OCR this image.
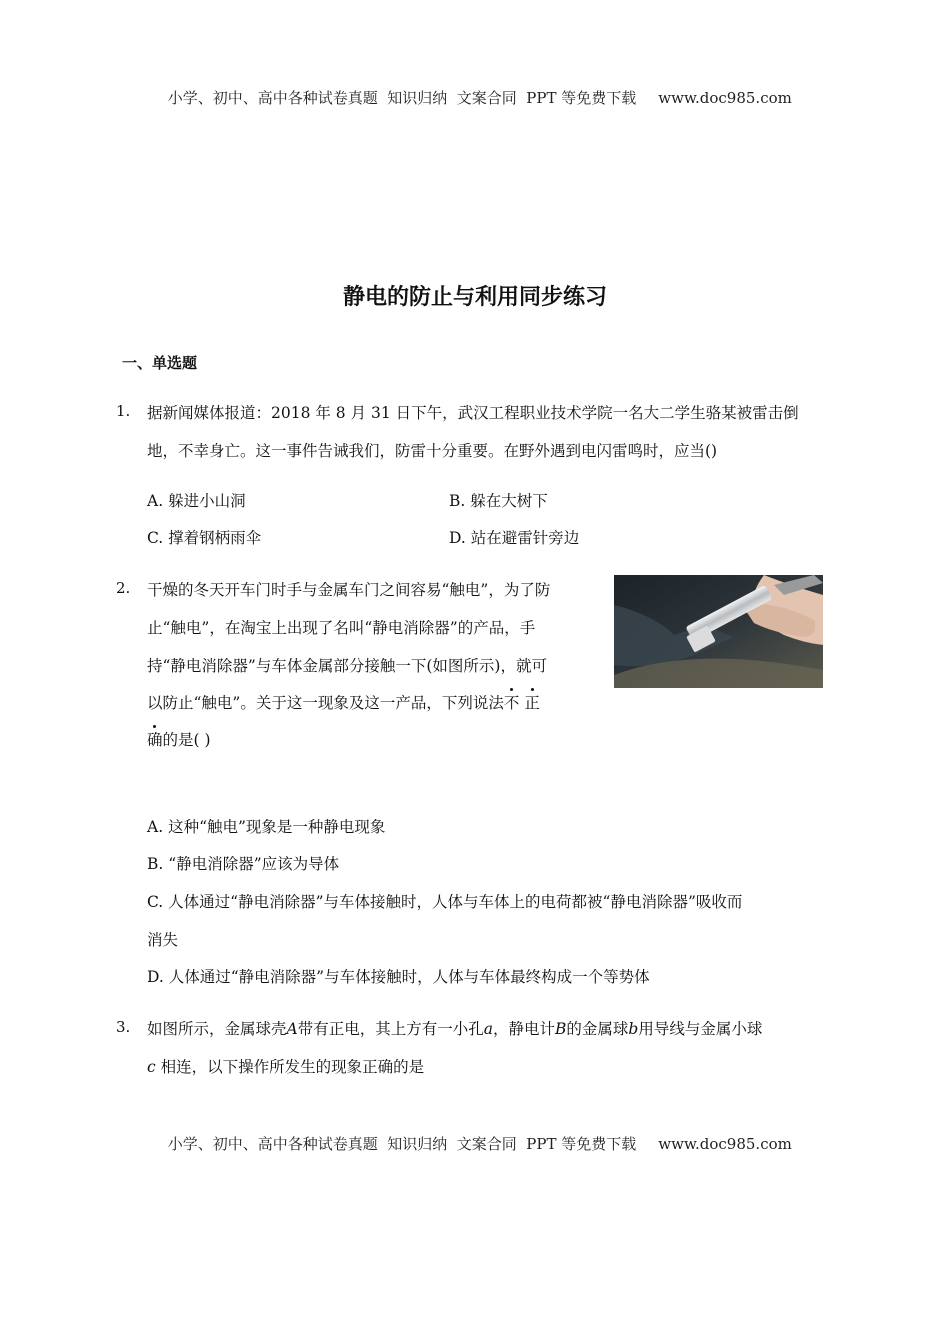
小学、初中、高中各种试卷真题  知识归纳  文案合同  PPT 等免费下载 www.doc985.com

静电的防止与利用同步练习
一、单选题
1. 据新闻媒体报道：2018 年 8 月 31 日下午，武汉工程职业技术学院一名大二学生骆某被雷击倒
地，不幸身亡。这一事件告诫我们，防雷十分重要。在野外遇到电闪雷鸣时，应当()
A. 躲进小山洞	B. 躲在大树下
C. 撑着钢柄雨伞	D. 站在避雷针旁边
2. 干燥的冬天开车门时手与金属车门之间容易“触电”，为了防
止“触电”，在淘宝上出现了名叫“静电消除器”的产品，手
持“静电消除器”与车体金属部分接触一下(如图所示)，就可
以防止“触电”。关于这一现象及这一产品，下列说法不 正
确的是( )
A. 这种“触电”现象是一种静电现象
B. “静电消除器”应该为导体
C. 人体通过“静电消除器”与车体接触时，人体与车体上的电荷都被“静电消除器”吸收而
消失
D. 人体通过“静电消除器”与车体接触时，人体与车体最终构成一个等势体
3. 如图所示，金属球壳A带有正电，其上方有一小孔a，静电计B的金属球b用导线与金属小球
c 相连，以下操作所发生的现象正确的是

小学、初中、高中各种试卷真题  知识归纳  文案合同  PPT 等免费下载 www.doc985.com
